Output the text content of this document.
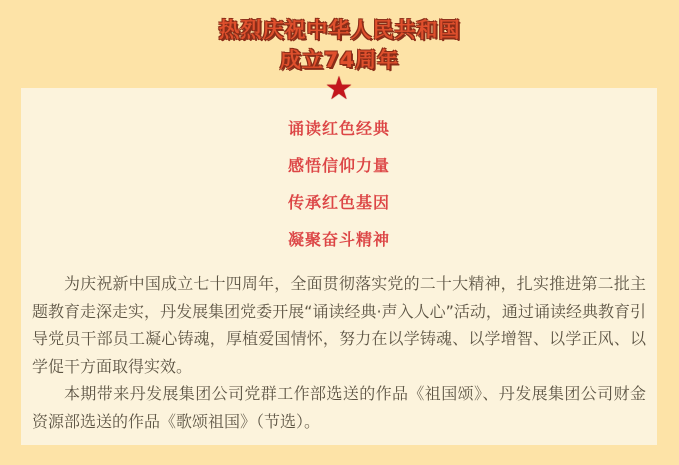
热烈庆祝中华人民共和国
成立74周年
★
诵读红色经典
感悟信仰力量
传承红色基因
凝聚奋斗精神

为庆祝新中国成立七十四周年，全面贯彻落实党的二十大精神，扎实推进第二批主题教育走深走实，丹发展集团党委开展“诵读经典·声入人心”活动，通过诵读经典教育引导党员干部员工凝心铸魂，厚植爱国情怀，努力在以学铸魂、以学增智、以学正风、以学促干方面取得实效。

本期带来丹发展集团公司党群工作部选送的作品《祖国颂》、丹发展集团公司财金资源部选送的作品《歌颂祖国》（节选）。
